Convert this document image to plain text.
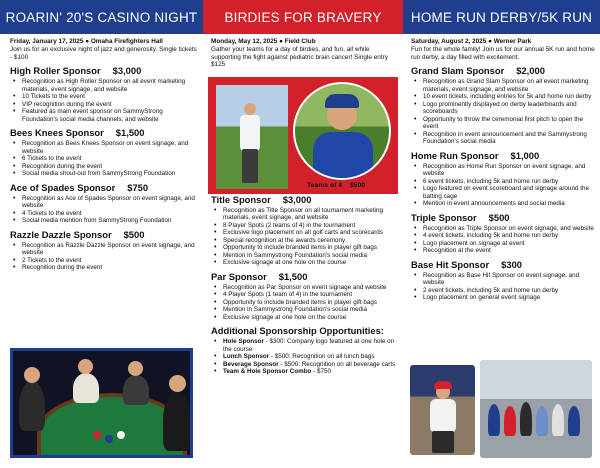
ROARIN' 20'S CASINO NIGHT
Friday, January 17, 2025 ● Omaha Firefighters Hall
Join us for an exclusive night of jazz and generosity. Single tickets - $100
High Roller Sponsor $3,000
• Recognition as High Roller Sponsor on all event marketing materials, event signage, and website
• 10 Tickets to the event
• VIP recognition during the event
• Featured as main event sponsor on SammyStrong Foundation's social media channels, and website
Bees Knees Sponsor $1,500
• Recognition as Bees Knees Sponsor on event signage, and website
• 6 Tickets to the event
• Recognition during the event
• Social media shout-out from SammyStrong Foundation
Ace of Spades Sponsor $750
• Recognition as Ace of Spades Sponsor on event signage, and website
• 4 Tickets to the event
• Social media mention from SammyStrong Foundation
Razzle Dazzle Sponsor $500
• Recognition as Razzle Dazzle Sponsor on event signage, and website
• 2 Tickets to the event
• Recognition during the event
BIRDIES FOR BRAVERY
Monday, May 12, 2025 ● Field Club
Gather your teams for a day of birdies, and fun, all while supporting the fight against pediatric brain cancer! Single entry $125
Title Sponsor $3,000
• Recognition as Title Sponsor on all tournament marketing materials, event signage, and website
• 8 Player Spots (2 teams of 4) in the tournament
• Exclusive logo placement on all golf carts and scorecards
• Special recognition at the awards ceremony
• Opportunity to include branded items in player gift bags
• Mention in Sammystrong Foundation's social media
• Exclusive signage at one hole on the course
Par Sponsor $1,500
• Recognition as Par Sponsor on event signage and website
• 4 Player Spots (1 team of 4) in the tournament
• Opportunity to include branded items in player gift bags
• Mention in Sammystrong Foundation's social media
• Exclusive signage at one hole on the course
Additional Sponsorship Opportunities:
• Hole Sponsor - $300: Company logo featured at one hole on the course
• Lunch Sponsor - $500: Recognition on all lunch bags
• Beverage Sponsor - $500: Recognition on all beverage carts
• Team & Hole Sponsor Combo - $750
Teams of 4 $500
HOME RUN DERBY/5K RUN
Saturday, August 2, 2025 ● Werner Park
Fun for the whole family! Join us for our annual 5K run and home run derby, a day filled with excitement.
Grand Slam Sponsor $2,000
• Recognition as Grand Slam Sponsor on all event marketing materials, event signage, and website
• 10 event tickets, including entries for 5k and home run derby
• Logo prominently displayed on derby leaderboards and scoreboards
• Opportunity to throw the ceremonial first pitch to open the event
• Recognition in event announcement and the Sammystrong Foundation's social media
Home Run Sponsor $1,000
• Recognition as Home Run Sponsor on event signage, and website
• 6 event tickets, including 5k and home run derby
• Logo featured on event scoreboard and signage around the batting cage
• Mention in event announcements and social media
Triple Sponsor $500
• Recognition as Triple Sponsor on event signage, and website
• 4 event tickets, including 5k and home run derby
• Logo placement on signage at event
• Recognition at the event
Base Hit Sponsor $300
• Recognition as Base Hit Sponsor on event signage, and website
• 2 event tickets, including 5k and home run derby
• Logo placement on general event signage
